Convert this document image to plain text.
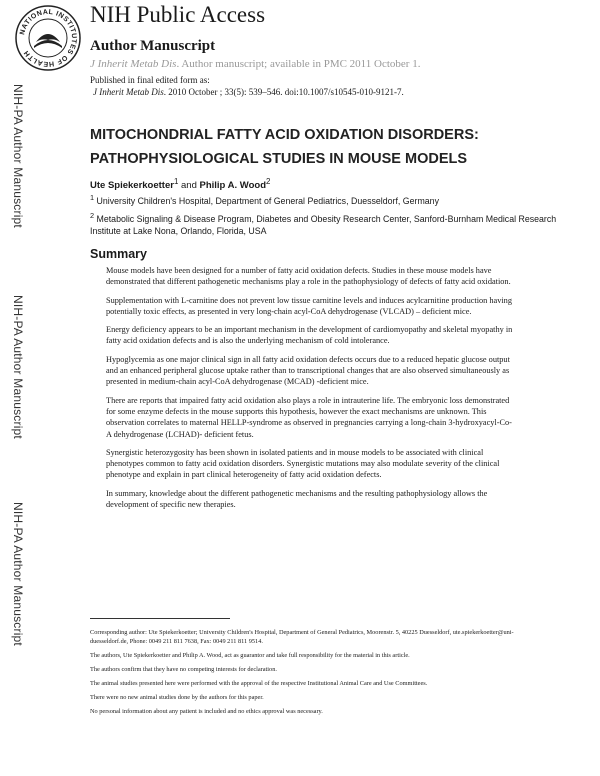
NATIONAL INSTITUTES OF HEALTH
NIH Public Access
Author Manuscript
J Inherit Metab Dis. Author manuscript; available in PMC 2011 October 1.
Published in final edited form as:
J Inherit Metab Dis. 2010 October ; 33(5): 539–546. doi:10.1007/s10545-010-9121-7.
NIH-PA Author Manuscript
NIH-PA Author Manuscript
NIH-PA Author Manuscript
MITOCHONDRIAL FATTY ACID OXIDATION DISORDERS:
PATHOPHYSIOLOGICAL STUDIES IN MOUSE MODELS
Ute Spiekerkoetter$^1$ and Philip A. Wood$^2$
$^1$ University Children's Hospital, Department of General Pediatrics, Duesseldorf, Germany
$^2$ Metabolic Signaling & Disease Program, Diabetes and Obesity Research Center, Sanford-Burnham Medical Research Institute at Lake Nona, Orlando, Florida, USA
Summary

Mouse models have been designed for a number of fatty acid oxidation defects. Studies in these mouse models have demonstrated that different pathogenetic mechanisms play a role in the pathophysiology of defects of fatty acid oxidation.

Supplementation with L-carnitine does not prevent low tissue carnitine levels and induces acylcarnitine production having potentially toxic effects, as presented in very long-chain acyl-CoA dehydrogenase (VLCAD) – deficient mice.

Energy deficiency appears to be an important mechanism in the development of cardiomyopathy and skeletal myopathy in fatty acid oxidation defects and is also the underlying mechanism of cold intolerance.

Hypoglycemia as one major clinical sign in all fatty acid oxidation defects occurs due to a reduced hepatic glucose output and an enhanced peripheral glucose uptake rather than to transcriptional changes that are also observed simultaneously as presented in medium-chain acyl-CoA dehydrogenase (MCAD) -deficient mice.

There are reports that impaired fatty acid oxidation also plays a role in intrauterine life. The embryonic loss demonstrated for some enzyme defects in the mouse supports this hypothesis, however the exact mechanisms are unknown. This observation correlates to maternal HELLP-syndrome as observed in pregnancies carrying a long-chain 3-hydroxyacyl-Co-A dehydrogenase (LCHAD)- deficient fetus.

Synergistic heterozygosity has been shown in isolated patients and in mouse models to be associated with clinical phenotypes common to fatty acid oxidation disorders. Synergistic mutations may also modulate severity of the clinical phenotype and explain in part clinical heterogeneity of fatty acid oxidation defects.

In summary, knowledge about the different pathogenetic mechanisms and the resulting pathophysiology allows the development of specific new therapies.

Corresponding author: Ute Spiekerkoetter; University Children's Hospital, Department of General Pediatrics, Moorenstr. 5, 40225 Duesseldorf, ute.spiekerkoetter@uni-duesseldorf.de, Phone: 0049 211 811 7638, Fax: 0049 211 811 9514.

The authors, Ute Spiekerkoetter and Philip A. Wood, act as guarantor and take full responsibility for the material in this article.

The authors confirm that they have no competing interests for declaration.

The animal studies presented here were performed with the approval of the respective Institutional Animal Care and Use Committees.

There were no new animal studies done by the authors for this paper.

No personal information about any patient is included and no ethics approval was necessary.
